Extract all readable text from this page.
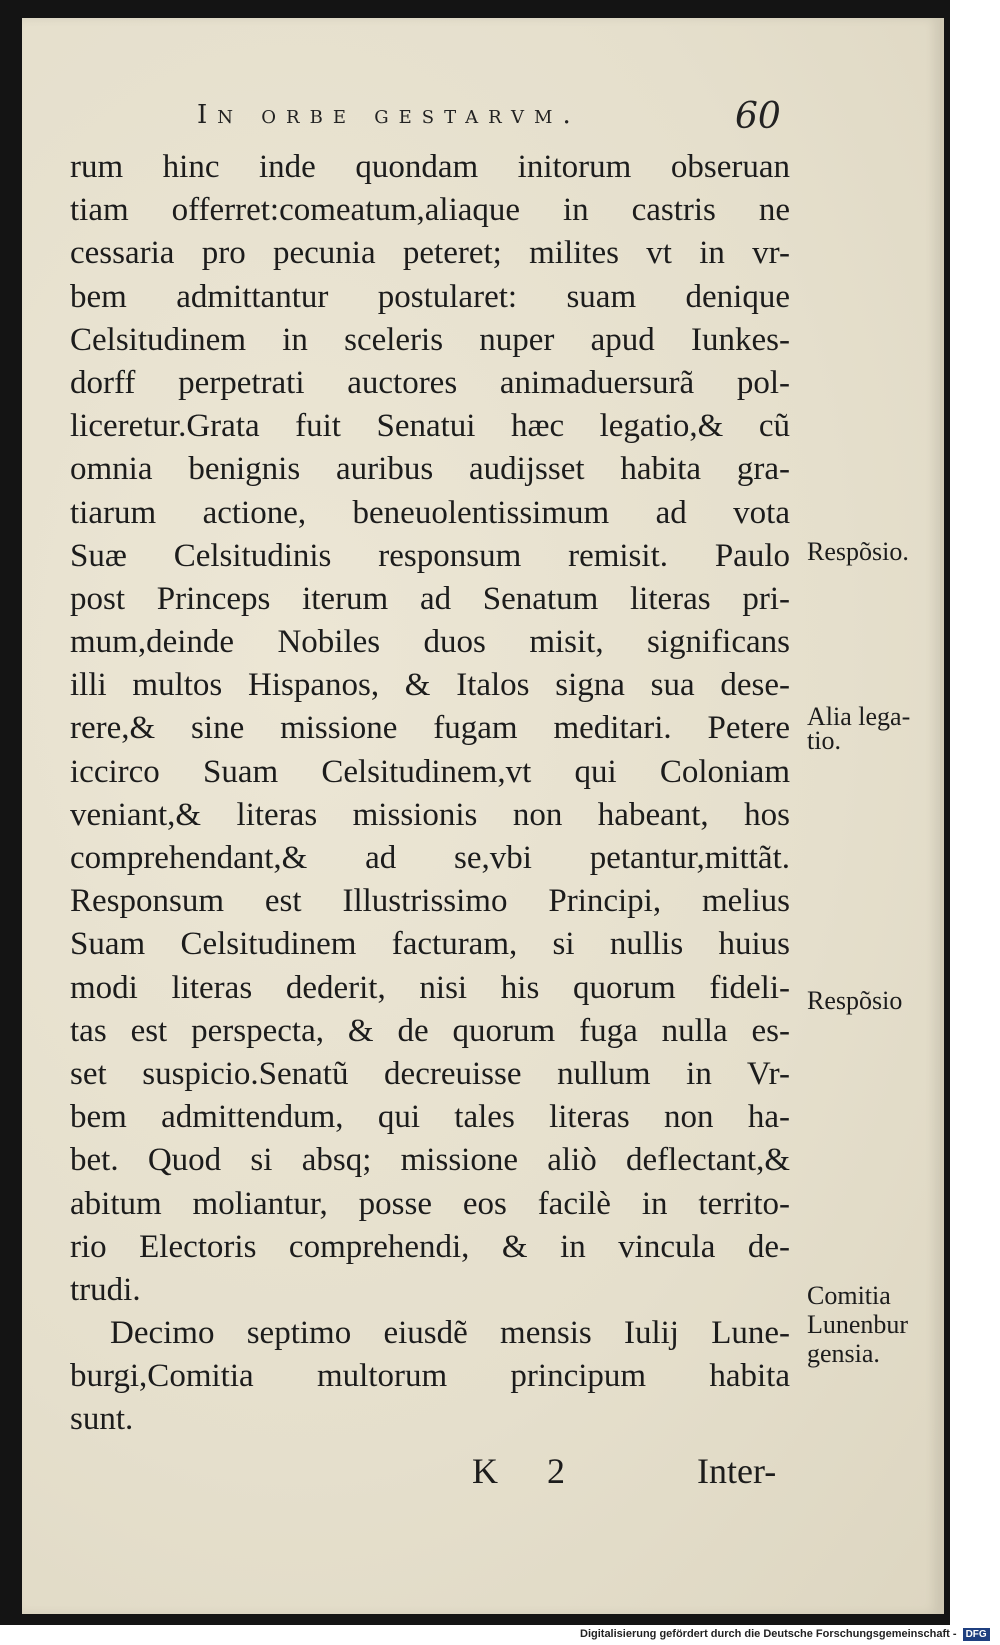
In orbe gestarvm.	60
rum hinc inde quondam initorum obseruan
tiam offerret:comeatum,aliaque in castris ne
cessaria pro pecunia peteret; milites vt in vr-
bem admittantur postularet: suam denique
Celsitudinem in sceleris nuper apud Iunkes-
dorff perpetrati auctores animaduersurã pol-
liceretur.Grata fuit Senatui hæc legatio,& cũ
omnia benignis auribus audijsset habita gra-
tiarum actione, beneuolentissimum ad vota
Suæ Celsitudinis responsum remisit. Paulo
post Princeps iterum ad Senatum literas pri-
mum,deinde Nobiles duos misit, significans
illi multos Hispanos, & Italos signa sua dese-
rere,& sine missione fugam meditari. Petere
iccirco Suam Celsitudinem,vt qui Coloniam
veniant,& literas missionis non habeant, hos
comprehendant,& ad se,vbi petantur,mittãt.
Responsum est Illustrissimo Principi, melius
Suam Celsitudinem facturam, si nullis huius
modi literas dederit, nisi his quorum fideli-
tas est perspecta, & de quorum fuga nulla es-
set suspicio.Senatũ decreuisse nullum in Vr-
bem admittendum, qui tales literas non ha-
bet. Quod si absq; missione aliò deflectant,&
abitum moliantur, posse eos facilè in territo-
rio Electoris comprehendi, & in vincula de-
trudi.
Decimo septimo eiusdẽ mensis Iulij Lune-
burgi,Comitia multorum principum habita
sunt.
Respõsio.
Alia lega-
tio.
Respõsio
Comitia
Lunenbur
gensia.
K 2	Inter-
Digitalisierung gefördert durch die Deutsche Forschungsgemeinschaft - DFG
